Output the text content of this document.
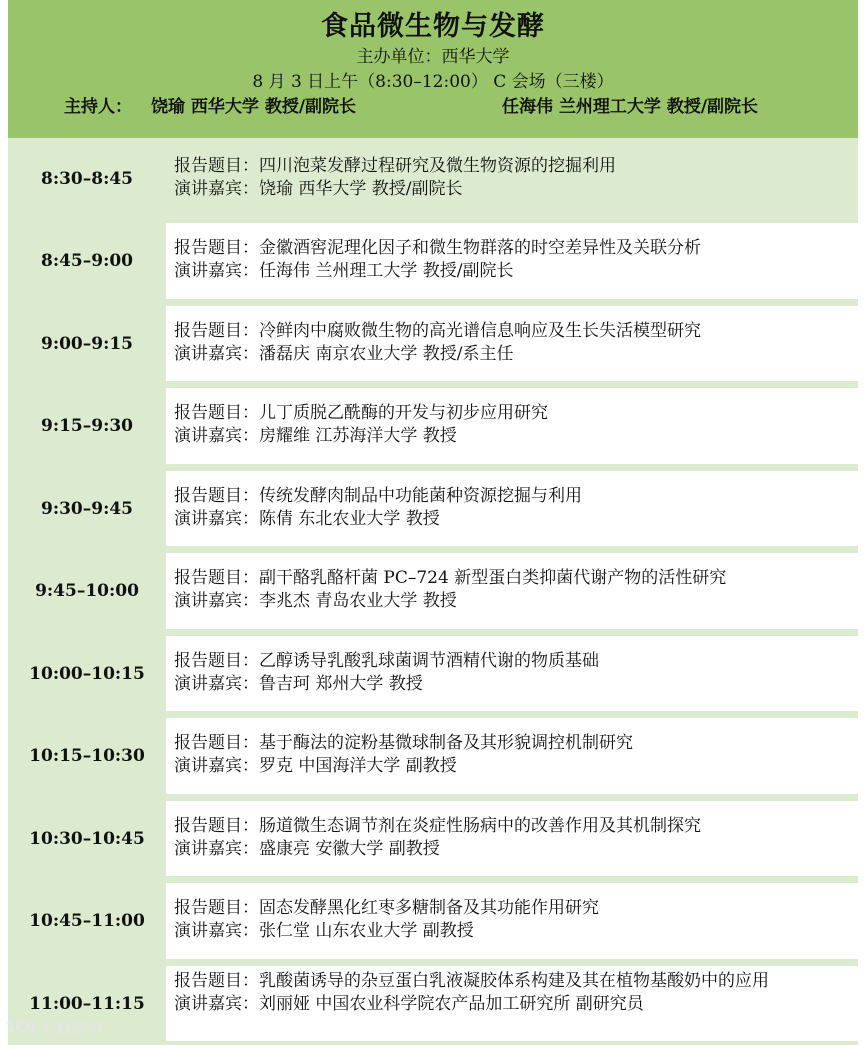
食品微生物与发酵
主办单位：西华大学
8 月 3 日上午（8:30–12:00） C 会场（三楼）
主持人： 饶瑜 西华大学 教授/副院长	任海伟 兰州理工大学 教授/副院长
8:30–8:45
报告题目：四川泡菜发酵过程研究及微生物资源的挖掘利用
演讲嘉宾：饶瑜 西华大学 教授/副院长
8:45–9:00
报告题目：金徽酒窖泥理化因子和微生物群落的时空差异性及关联分析
演讲嘉宾：任海伟 兰州理工大学 教授/副院长
9:00–9:15
报告题目：冷鲜肉中腐败微生物的高光谱信息响应及生长失活模型研究
演讲嘉宾：潘磊庆 南京农业大学 教授/系主任
9:15–9:30
报告题目：儿丁质脱乙酰酶的开发与初步应用研究
演讲嘉宾：房耀维 江苏海洋大学 教授
9:30–9:45
报告题目：传统发酵肉制品中功能菌种资源挖掘与利用
演讲嘉宾：陈倩 东北农业大学 教授
9:45–10:00
报告题目：副干酪乳酪杆菌 PC–724 新型蛋白类抑菌代谢产物的活性研究
演讲嘉宾：李兆杰 青岛农业大学 教授
10:00–10:15
报告题目：乙醇诱导乳酸乳球菌调节酒精代谢的物质基础
演讲嘉宾：鲁吉珂 郑州大学 教授
10:15–10:30
报告题目：基于酶法的淀粉基微球制备及其形貌调控机制研究
演讲嘉宾：罗克 中国海洋大学 副教授
10:30–10:45
报告题目：肠道微生态调节剂在炎症性肠病中的改善作用及其机制探究
演讲嘉宾：盛康亮 安徽大学 副教授
10:45–11:00
报告题目：固态发酵黑化红枣多糖制备及其功能作用研究
演讲嘉宾：张仁堂 山东农业大学 副教授
11:00–11:15
报告题目：乳酸菌诱导的杂豆蛋白乳液凝胶体系构建及其在植物基酸奶中的应用
演讲嘉宾：刘丽娅 中国农业科学院农产品加工研究所 副研究员
1C0 大数跨境
